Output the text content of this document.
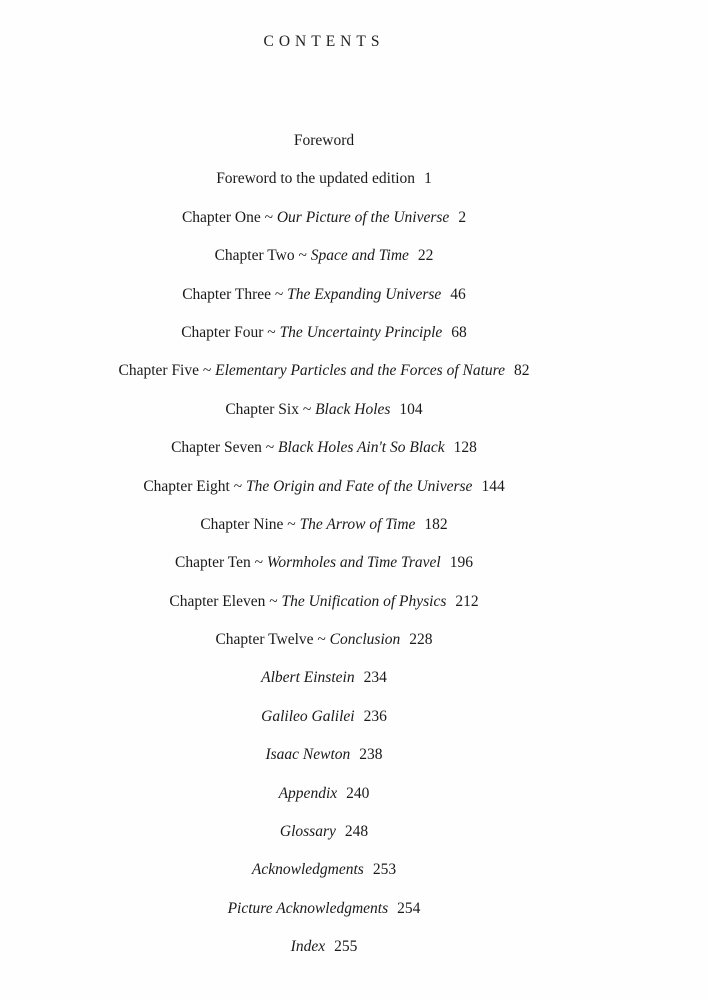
CONTENTS
Foreword
Foreword to the updated edition 1
Chapter One ~ Our Picture of the Universe 2
Chapter Two ~ Space and Time 22
Chapter Three ~ The Expanding Universe 46
Chapter Four ~ The Uncertainty Principle 68
Chapter Five ~ Elementary Particles and the Forces of Nature 82
Chapter Six ~ Black Holes 104
Chapter Seven ~ Black Holes Ain't So Black 128
Chapter Eight ~ The Origin and Fate of the Universe 144
Chapter Nine ~ The Arrow of Time 182
Chapter Ten ~ Wormholes and Time Travel 196
Chapter Eleven ~ The Unification of Physics 212
Chapter Twelve ~ Conclusion 228
Albert Einstein 234
Galileo Galilei 236
Isaac Newton 238
Appendix 240
Glossary 248
Acknowledgments 253
Picture Acknowledgments 254
Index 255
